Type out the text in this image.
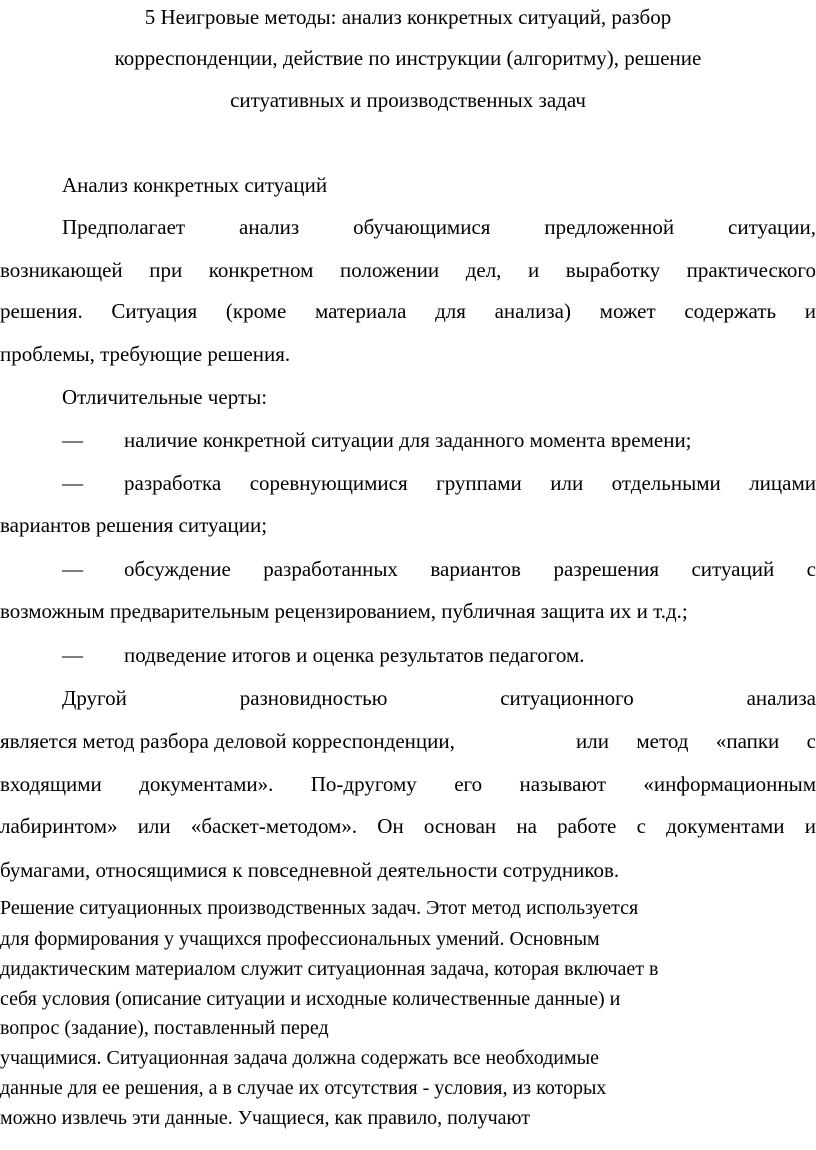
5 Неигровые методы: анализ конкретных ситуаций, разбор
корреспонденции, действие по инструкции (алгоритму), решение
ситуативных и производственных задач
Анализ конкретных ситуаций
Предполагает анализ обучающимися предложенной ситуации,
возникающей при конкретном положении дел, и выработку практического
решения. Ситуация (кроме материала для анализа) может содержать и
проблемы, требующие решения.
Отличительные черты:
— наличие конкретной ситуации для заданного момента времени;
— разработка соревнующимися группами или отдельными лицами
вариантов решения ситуации;
— обсуждение разработанных вариантов разрешения ситуаций с
возможным предварительным рецензированием, публичная защита их и т.д.;
— подведение итогов и оценка результатов педагогом.
Другой разновидностью ситуационного анализа
является метод разбора деловой корреспонденции,	или метод «папки с
входящими документами». По-другому его называют «информационным
лабиринтом» или «баскет-методом». Он основан на работе с документами и
бумагами, относящимися к повседневной деятельности сотрудников.
Решение ситуационных производственных задач. Этот метод используется
для формирования у учащихся профессиональных умений. Основным
дидактическим материалом служит ситуационная задача, которая включает в
себя условия (описание ситуации и исходные количественные данные) и
вопрос (задание), поставленный перед
учащимися. Ситуационная задача должна содержать все необходимые
данные для ее решения, а в случае их отсутствия - условия, из которых
можно извлечь эти данные. Учащиеся, как правило, получают
